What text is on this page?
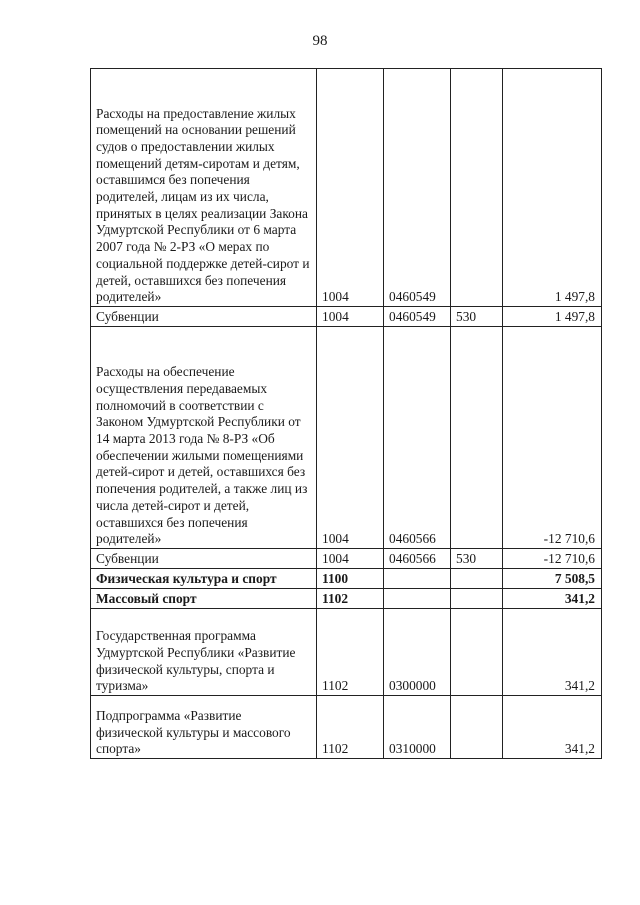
98
Расходы на предоставление жилых помещений на основании решений судов о предоставлении жилых помещений детям-сиротам и детям, оставшимся без попечения родителей, лицам из их числа, принятых в целях реализации Закона Удмуртской Республики от 6 марта 2007 года № 2-РЗ «О мерах по социальной поддержке детей-сирот и детей, оставшихся без попечения родителей»	1004	0460549		1 497,8
Субвенции	1004	0460549	530	1 497,8
Расходы на обеспечение осуществления передаваемых полномочий в соответствии с Законом Удмуртской Республики от 14 марта 2013 года № 8-РЗ «Об обеспечении жилыми помещениями детей-сирот и детей, оставшихся без попечения родителей, а также лиц из числа детей-сирот и детей, оставшихся без попечения родителей»	1004	0460566		-12 710,6
Субвенции	1004	0460566	530	-12 710,6
Физическая культура и спорт	1100			7 508,5
Массовый спорт	1102			341,2
Государственная программа Удмуртской Республики «Развитие физической культуры, спорта и туризма»	1102	0300000		341,2
Подпрограмма «Развитие физической культуры и массового спорта»	1102	0310000		341,2
